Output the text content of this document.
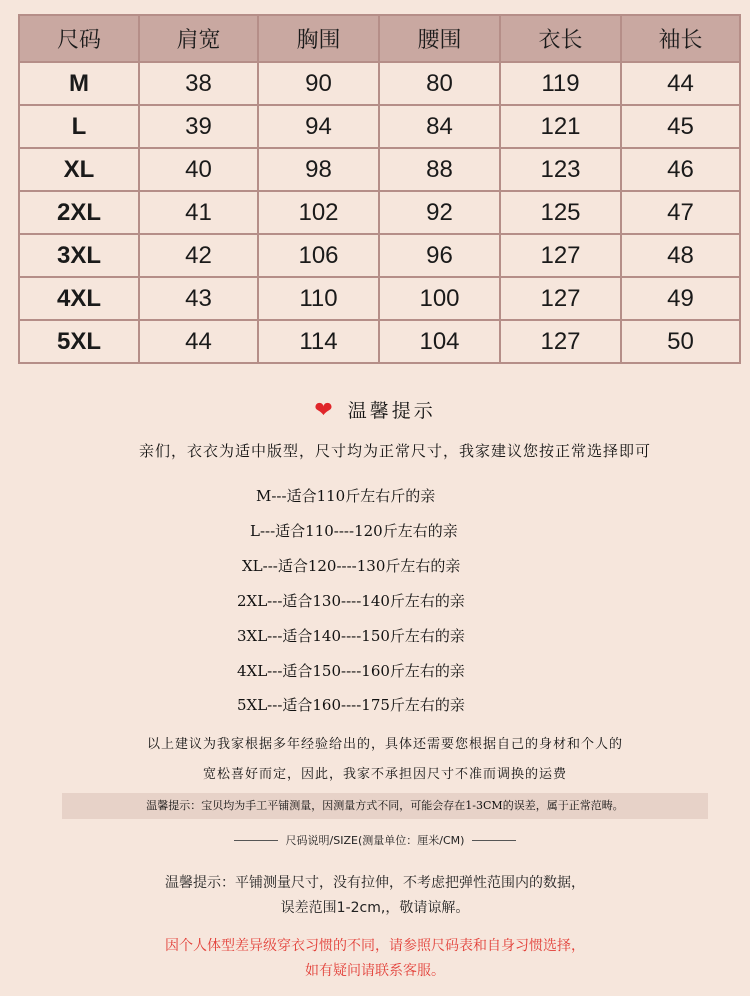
尺码	肩宽	胸围	腰围	衣长	袖长
M	38	90	80	119	44
L	39	94	84	121	45
XL	40	98	88	123	46
2XL	41	102	92	125	47
3XL	42	106	96	127	48
4XL	43	110	100	127	49
5XL	44	114	104	127	50
❤ 温馨提示
亲们，衣衣为适中版型，尺寸均为正常尺寸，我家建议您按正常选择即可
M---适合110斤左右斤的亲
L---适合110----120斤左右的亲
XL---适合120----130斤左右的亲
2XL---适合130----140斤左右的亲
3XL---适合140----150斤左右的亲
4XL---适合150----160斤左右的亲
5XL---适合160----175斤左右的亲
以上建议为我家根据多年经验给出的，具体还需要您根据自己的身材和个人的
宽松喜好而定，因此，我家不承担因尺寸不准而调换的运费
温馨提示：宝贝均为手工平铺测量，因测量方式不同，可能会存在1-3CM的误差，属于正常范畴。
尺码说明/SIZE(测量单位：厘米/CM)
温馨提示：平铺测量尺寸，没有拉伸，不考虑把弹性范围内的数据，
误差范围1-2cm,，敬请谅解。
因个人体型差异级穿衣习惯的不同，请参照尺码表和自身习惯选择，
如有疑问请联系客服。
